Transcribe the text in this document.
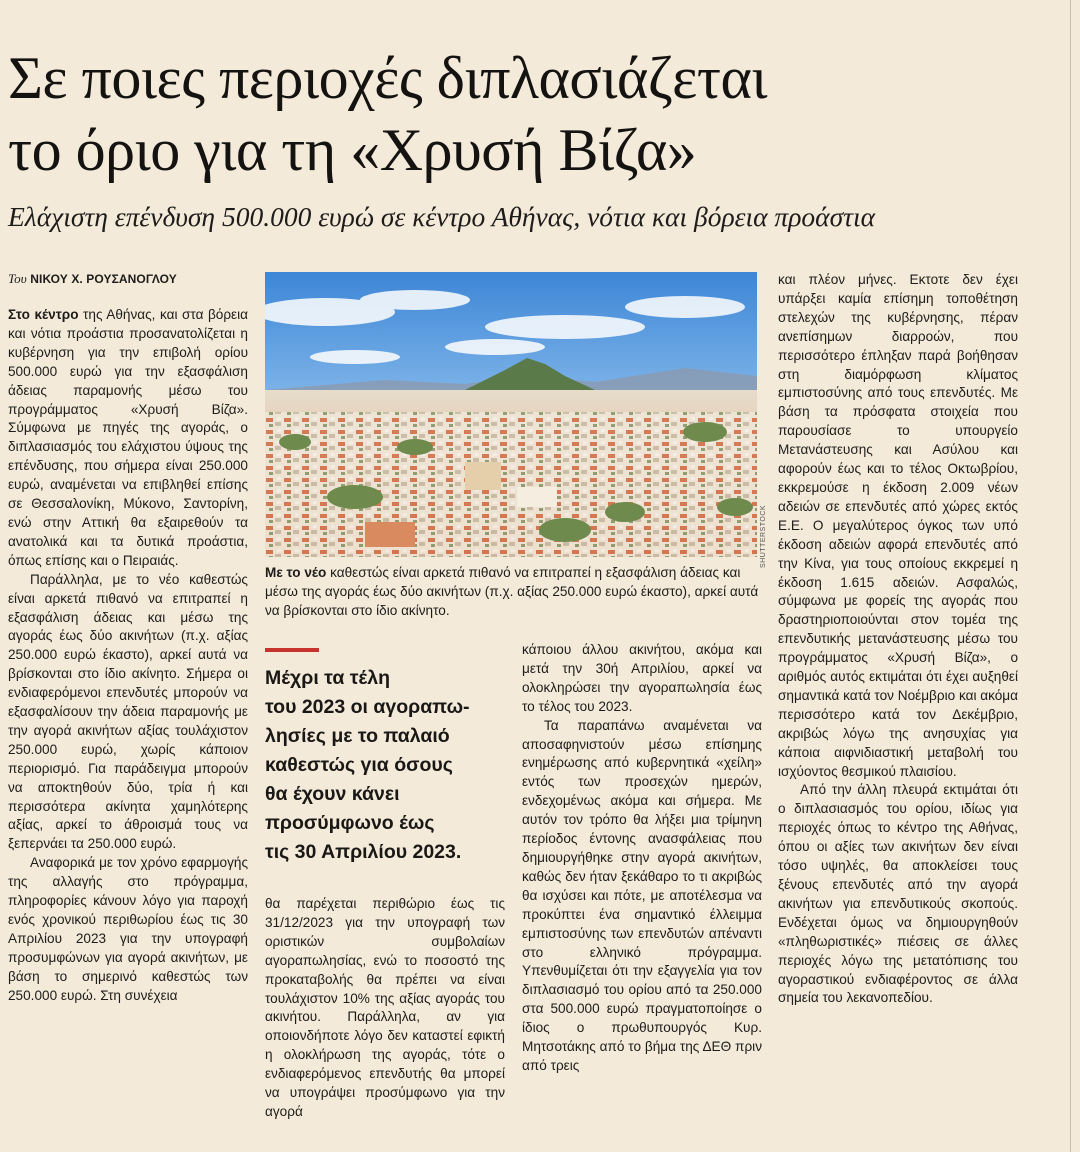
Σε ποιες περιοχές διπλασιάζεται
το όριο για τη «Χρυσή Βίζα»

Ελάχιστη επένδυση 500.000 ευρώ σε κέντρο Αθήνας, νότια και βόρεια προάστια

Του ΝΙΚΟΥ Χ. ΡΟΥΣΑΝΟΓΛΟΥ

Στο κέντρο της Αθήνας, και στα βόρεια και νότια προάστια προσανατολίζεται η κυβέρνηση για την επιβολή ορίου 500.000 ευρώ για την εξασφάλιση άδειας παραμονής μέσω του προγράμματος «Χρυσή Βίζα». Σύμφωνα με πηγές της αγοράς, ο διπλασιασμός του ελάχιστου ύψους της επένδυσης, που σήμερα είναι 250.000 ευρώ, αναμένεται να επιβληθεί επίσης σε Θεσσαλονίκη, Μύκονο, Σαντορίνη, ενώ στην Αττική θα εξαιρεθούν τα ανατολικά και τα δυτικά προάστια, όπως επίσης και ο Πειραιάς.

Παράλληλα, με το νέο καθεστώς είναι αρκετά πιθανό να επιτραπεί η εξασφάλιση άδειας και μέσω της αγοράς έως δύο ακινήτων (π.χ. αξίας 250.000 ευρώ έκαστο), αρκεί αυτά να βρίσκονται στο ίδιο ακίνητο. Σήμερα οι ενδιαφερόμενοι επενδυτές μπορούν να εξασφαλίσουν την άδεια παραμονής με την αγορά ακινήτων αξίας τουλάχιστον 250.000 ευρώ, χωρίς κάποιον περιορισμό. Για παράδειγμα μπορούν να αποκτηθούν δύο, τρία ή και περισσότερα ακίνητα χαμηλότερης αξίας, αρκεί το άθροισμά τους να ξεπερνάει τα 250.000 ευρώ.

Αναφορικά με τον χρόνο εφαρμογής της αλλαγής στο πρόγραμμα, πληροφορίες κάνουν λόγο για παροχή ενός χρονικού περιθωρίου έως τις 30 Απριλίου 2023 για την υπογραφή προσυμφώνων για αγορά ακινήτων, με βάση το σημερινό καθεστώς των 250.000 ευρώ. Στη συνέχεια

SHUTTERSTOCK
Με το νέο καθεστώς είναι αρκετά πιθανό να επιτραπεί η εξασφάλιση άδειας και μέσω της αγοράς έως δύο ακινήτων (π.χ. αξίας 250.000 ευρώ έκαστο), αρκεί αυτά να βρίσκονται στο ίδιο ακίνητο.
Μέχρι τα τέλη
του 2023 οι αγοραπω-
λησίες με το παλαιό
καθεστώς για όσους
θα έχουν κάνει
προσύμφωνο έως
τις 30 Απριλίου 2023.

θα παρέχεται περιθώριο έως τις 31/12/2023 για την υπογραφή των οριστικών συμβολαίων αγοραπωλησίας, ενώ το ποσοστό της προκαταβολής θα πρέπει να είναι τουλάχιστον 10% της αξίας αγοράς του ακινήτου. Παράλληλα, αν για οποιονδήποτε λόγο δεν καταστεί εφικτή η ολοκλήρωση της αγοράς, τότε ο ενδιαφερόμενος επενδυτής θα μπορεί να υπογράψει προσύμφωνο για την αγορά

κάποιου άλλου ακινήτου, ακόμα και μετά την 30ή Απριλίου, αρκεί να ολοκληρώσει την αγοραπωλησία έως το τέλος του 2023.

Τα παραπάνω αναμένεται να αποσαφηνιστούν μέσω επίσημης ενημέρωσης από κυβερνητικά «χείλη» εντός των προσεχών ημερών, ενδεχομένως ακόμα και σήμερα. Με αυτόν τον τρόπο θα λήξει μια τρίμηνη περίοδος έντονης ανασφάλειας που δημιουργήθηκε στην αγορά ακινήτων, καθώς δεν ήταν ξεκάθαρο το τι ακριβώς θα ισχύσει και πότε, με αποτέλεσμα να προκύπτει ένα σημαντικό έλλειμμα εμπιστοσύνης των επενδυτών απέναντι στο ελληνικό πρόγραμμα. Υπενθυμίζεται ότι την εξαγγελία για τον διπλασιασμό του ορίου από τα 250.000 στα 500.000 ευρώ πραγματοποίησε ο ίδιος ο πρωθυπουργός Κυρ. Μητσοτάκης από το βήμα της ΔΕΘ πριν από τρεις

και πλέον μήνες. Εκτοτε δεν έχει υπάρξει καμία επίσημη τοποθέτηση στελεχών της κυβέρνησης, πέραν ανεπίσημων διαρροών, που περισσότερο έπληξαν παρά βοήθησαν στη διαμόρφωση κλίματος εμπιστοσύνης από τους επενδυτές. Με βάση τα πρόσφατα στοιχεία που παρουσίασε το υπουργείο Μετανάστευσης και Ασύλου και αφορούν έως και το τέλος Οκτωβρίου, εκκρεμούσε η έκδοση 2.009 νέων αδειών σε επενδυτές από χώρες εκτός Ε.Ε. Ο μεγαλύτερος όγκος των υπό έκδοση αδειών αφορά επενδυτές από την Κίνα, για τους οποίους εκκρεμεί η έκδοση 1.615 αδειών. Ασφαλώς, σύμφωνα με φορείς της αγοράς που δραστηριοποιούνται στον τομέα της επενδυτικής μετανάστευσης μέσω του προγράμματος «Χρυσή Βίζα», ο αριθμός αυτός εκτιμάται ότι έχει αυξηθεί σημαντικά κατά τον Νοέμβριο και ακόμα περισσότερο κατά τον Δεκέμβριο, ακριβώς λόγω της ανησυχίας για κάποια αιφνιδιαστική μεταβολή του ισχύοντος θεσμικού πλαισίου.

Από την άλλη πλευρά εκτιμάται ότι ο διπλασιασμός του ορίου, ιδίως για περιοχές όπως το κέντρο της Αθήνας, όπου οι αξίες των ακινήτων δεν είναι τόσο υψηλές, θα αποκλείσει τους ξένους επενδυτές από την αγορά ακινήτων για επενδυτικούς σκοπούς. Ενδέχεται όμως να δημιουργηθούν «πληθωριστικές» πιέσεις σε άλλες περιοχές λόγω της μετατόπισης του αγοραστικού ενδιαφέροντος σε άλλα σημεία του λεκανοπεδίου.
